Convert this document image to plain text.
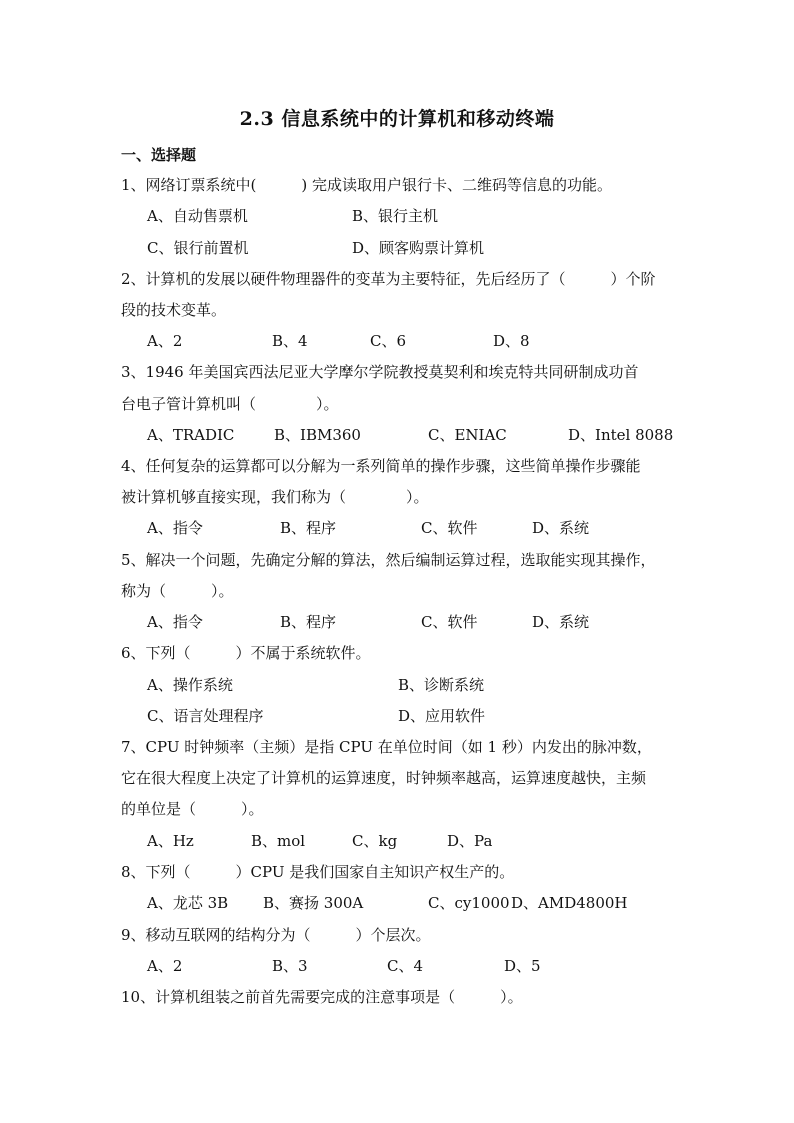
2.3 信息系统中的计算机和移动终端
一、选择题
1、网络订票系统中(　　　) 完成读取用户银行卡、二维码等信息的功能。
A、自动售票机	B、银行主机
C、银行前置机	D、顾客购票计算机
2、计算机的发展以硬件物理器件的变革为主要特征，先后经历了（　　　）个阶
段的技术变革。
A、2	B、4	C、6	D、8
3、1946 年美国宾西法尼亚大学摩尔学院教授莫契利和埃克特共同研制成功首
台电子管计算机叫（　　　　）。
A、TRADIC	B、IBM360	C、ENIAC	D、Intel 8088
4、任何复杂的运算都可以分解为一系列简单的操作步骤，这些简单操作步骤能
被计算机够直接实现，我们称为（　　　　）。
A、指令	B、程序	C、软件	D、系统
5、解决一个问题，先确定分解的算法，然后编制运算过程，选取能实现其操作，
称为（　　　）。
A、指令	B、程序	C、软件	D、系统
6、下列（　　　）不属于系统软件。
A、操作系统	B、诊断系统
C、语言处理程序	D、应用软件
7、CPU 时钟频率（主频）是指 CPU 在单位时间（如 1 秒）内发出的脉冲数，
它在很大程度上决定了计算机的运算速度，时钟频率越高，运算速度越快，主频
的单位是（　　　）。
A、Hz	B、mol	C、kg	D、Pa
8、下列（　　　）CPU 是我们国家自主知识产权生产的。
A、龙芯 3B B、赛扬 300A	C、cy1000 D、AMD4800H
9、移动互联网的结构分为（　　　）个层次。
A、2	B、3	C、4	D、5
10、计算机组装之前首先需要完成的注意事项是（　　　）。
